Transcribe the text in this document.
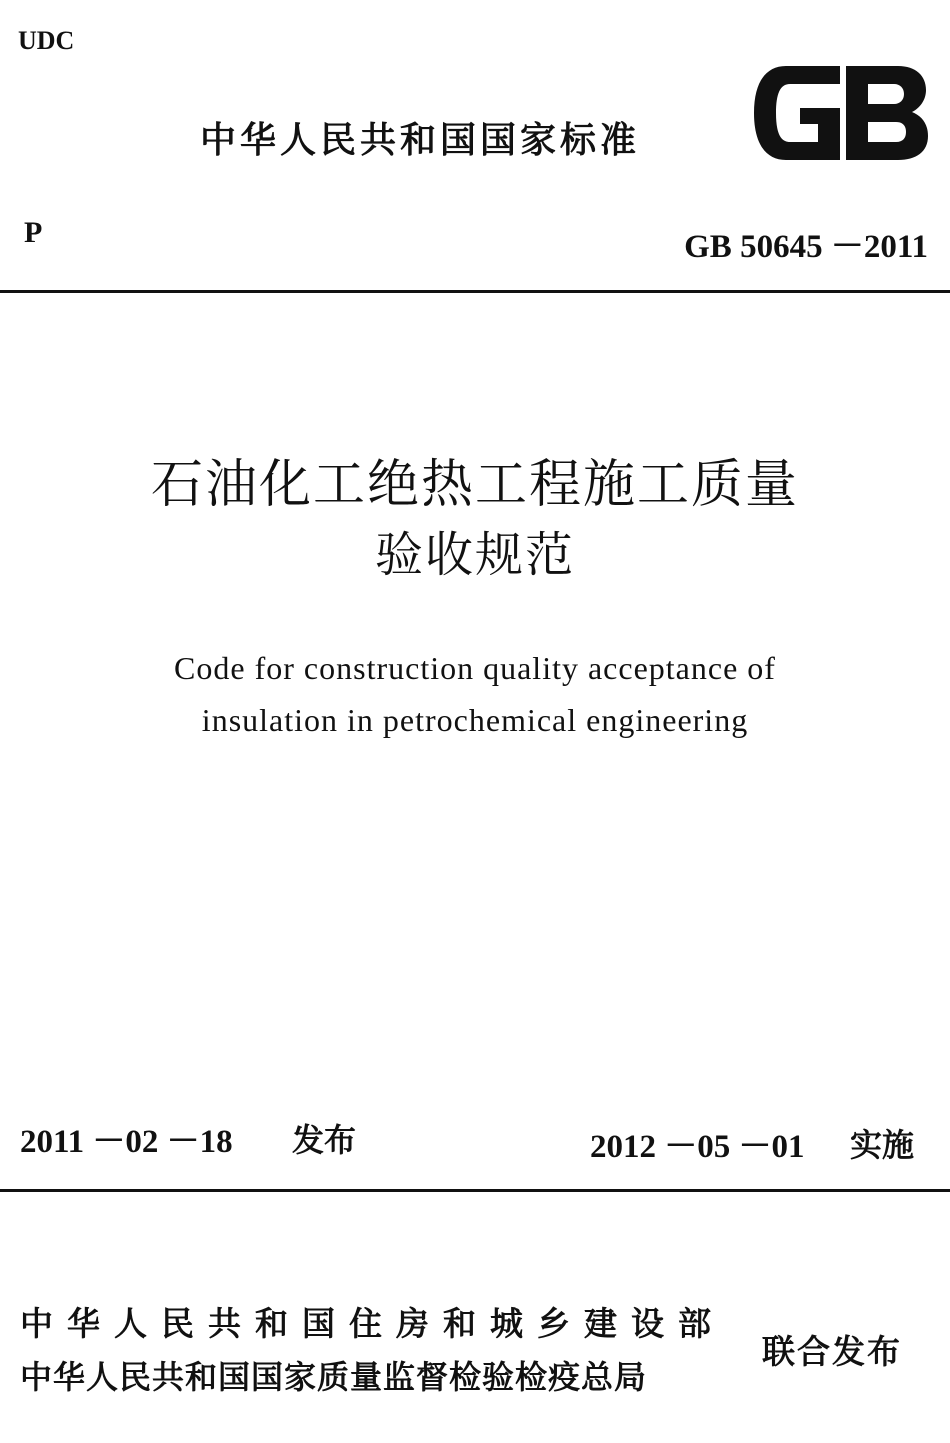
UDC
中华人民共和国国家标准
P	GB 50645 －2011
石油化工绝热工程施工质量
验收规范
Code for construction quality acceptance of
insulation in petrochemical engineering
2011 －02 －18 发布	2012 －05 －01 实施
中华人民共和国住房和城乡建设部
中华人民共和国国家质量监督检验检疫总局
联合发布
